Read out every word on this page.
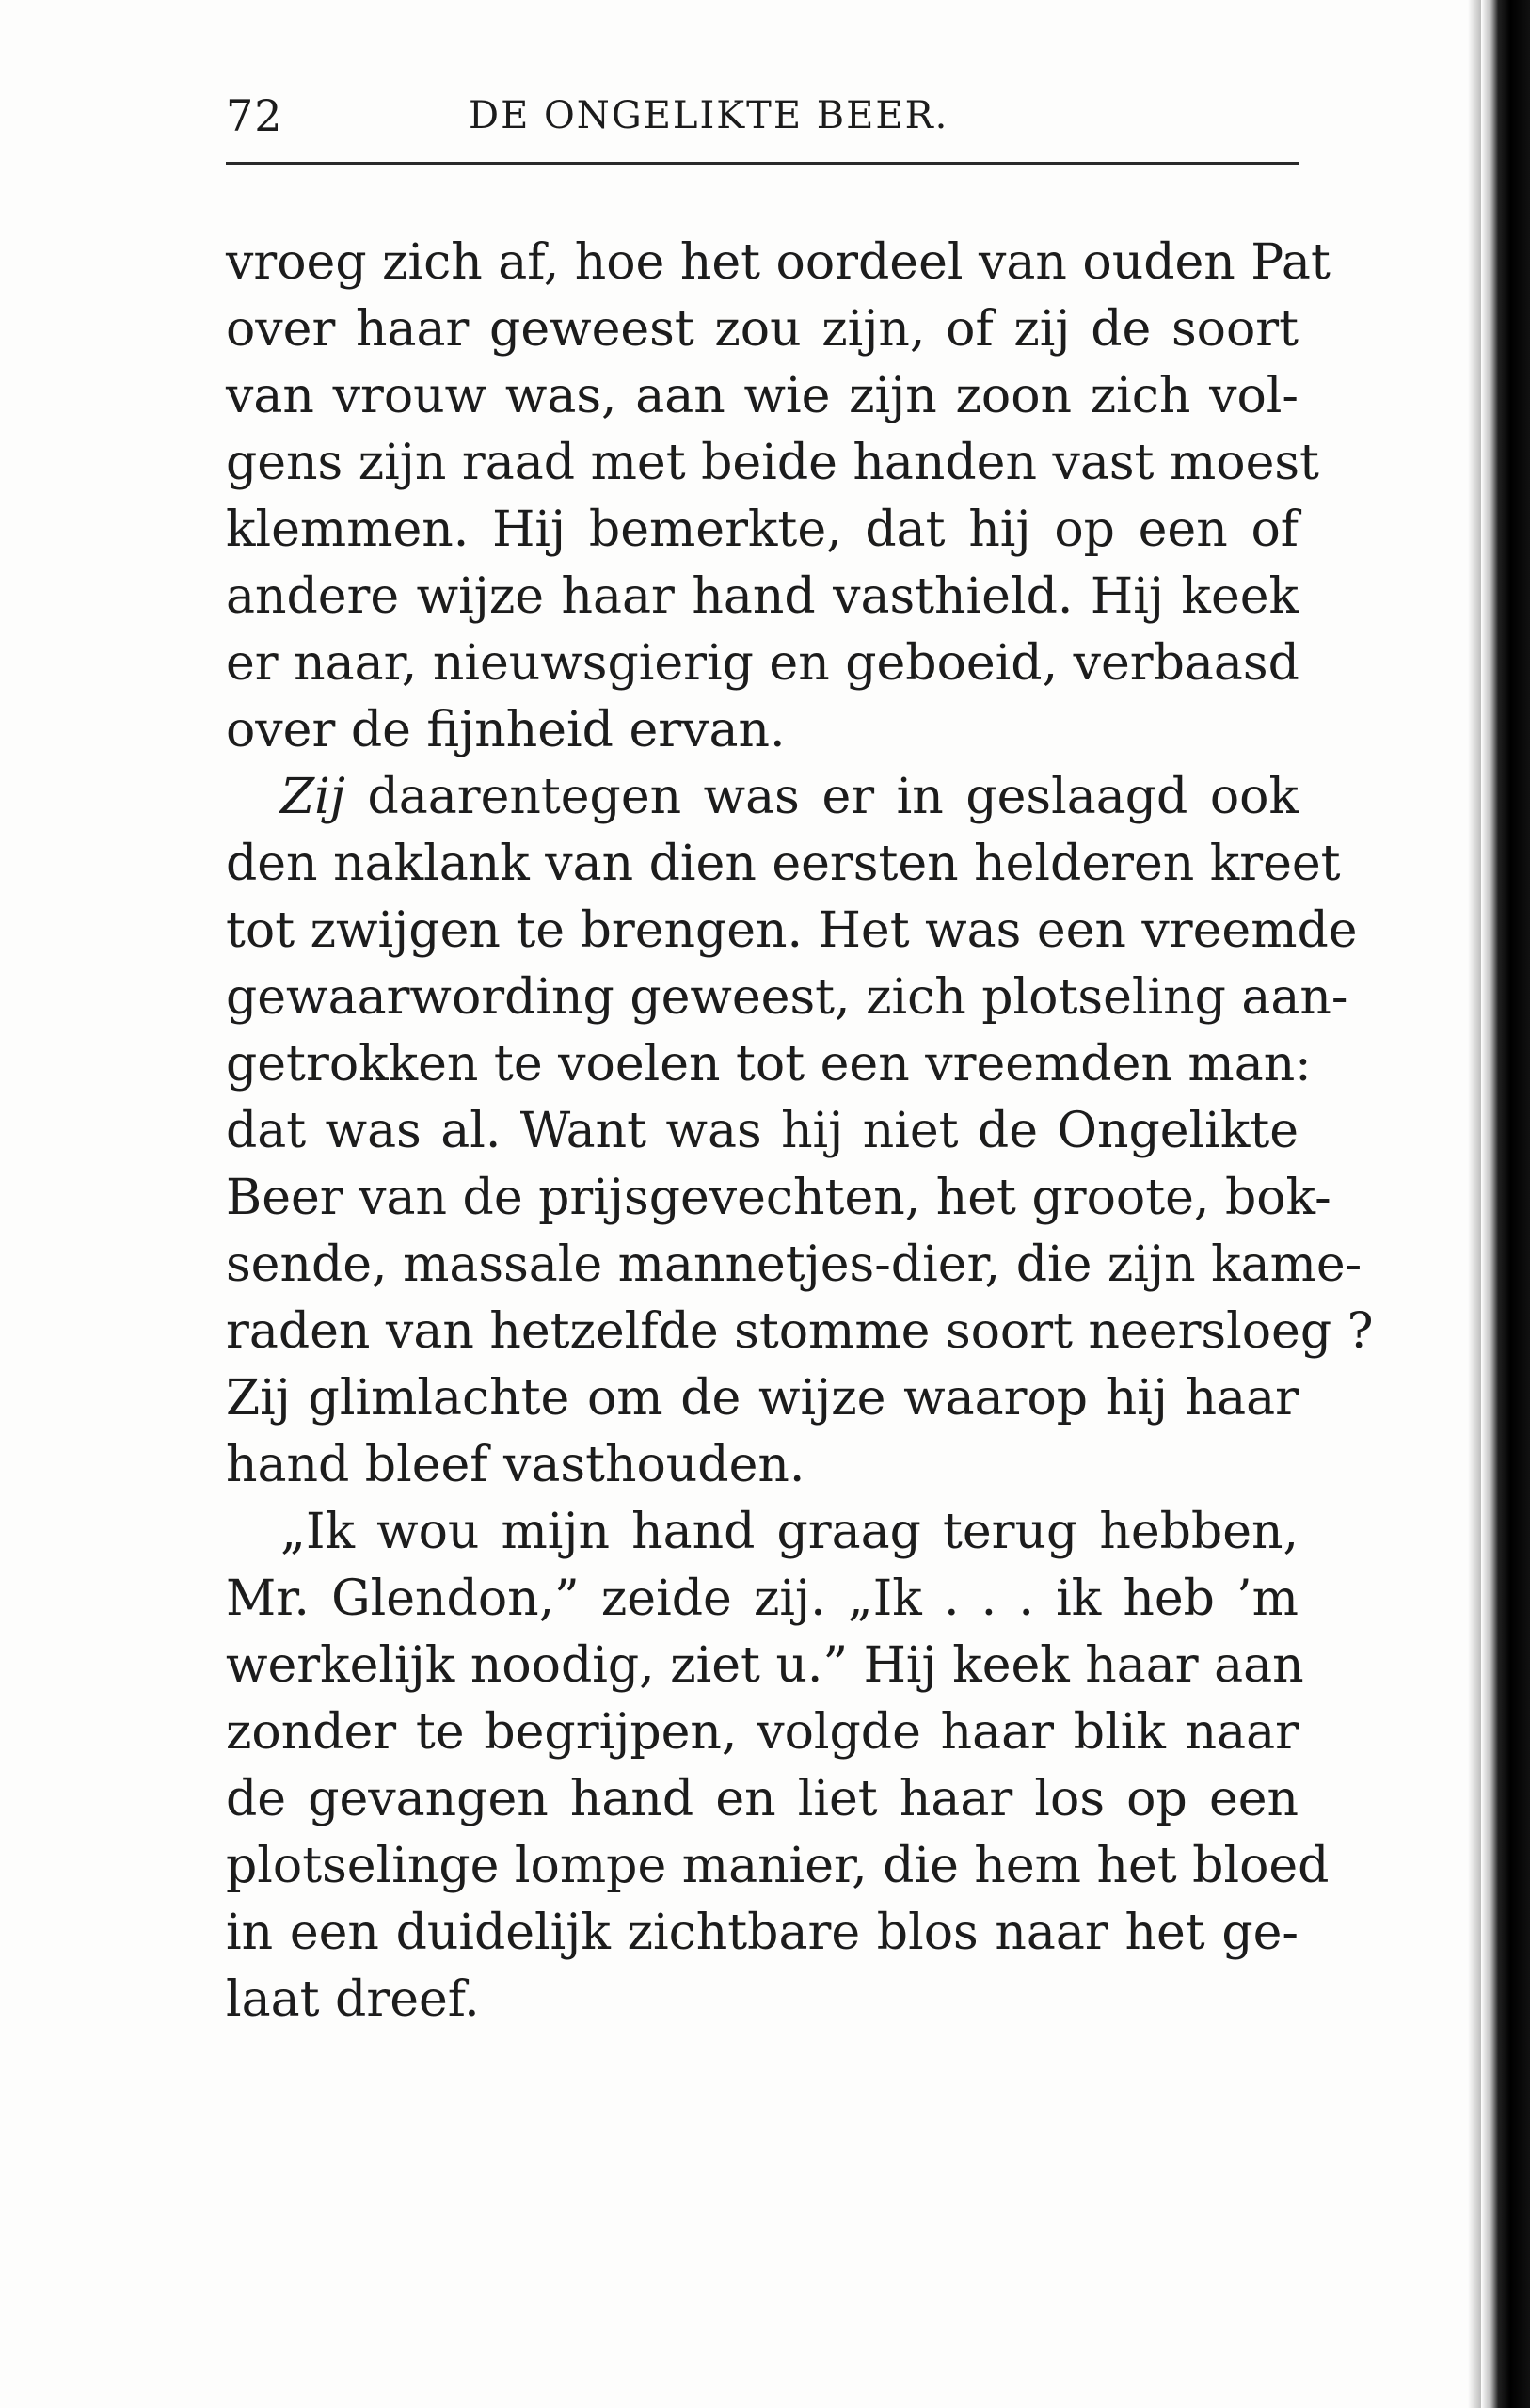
72	DE ONGELIKTE BEER.
vroeg zich af, hoe het oordeel van ouden Pat
over haar geweest zou zijn, of zij de soort
van vrouw was, aan wie zijn zoon zich vol-
gens zijn raad met beide handen vast moest
klemmen. Hij bemerkte, dat hij op een of
andere wijze haar hand vasthield. Hij keek
er naar, nieuwsgierig en geboeid, verbaasd
over de fijnheid ervan.
Zij daarentegen was er in geslaagd ook
den naklank van dien eersten helderen kreet
tot zwijgen te brengen. Het was een vreemde
gewaarwording geweest, zich plotseling aan-
getrokken te voelen tot een vreemden man:
dat was al. Want was hij niet de Ongelikte
Beer van de prijsgevechten, het groote, bok-
sende, massale mannetjes-dier, die zijn kame-
raden van hetzelfde stomme soort neersloeg ?
Zij glimlachte om de wijze waarop hij haar
hand bleef vasthouden.
„Ik wou mijn hand graag terug hebben,
Mr. Glendon,” zeide zij. „Ik . . . ik heb ’m
werkelijk noodig, ziet u.” Hij keek haar aan
zonder te begrijpen, volgde haar blik naar
de gevangen hand en liet haar los op een
plotselinge lompe manier, die hem het bloed
in een duidelijk zichtbare blos naar het ge-
laat dreef.
